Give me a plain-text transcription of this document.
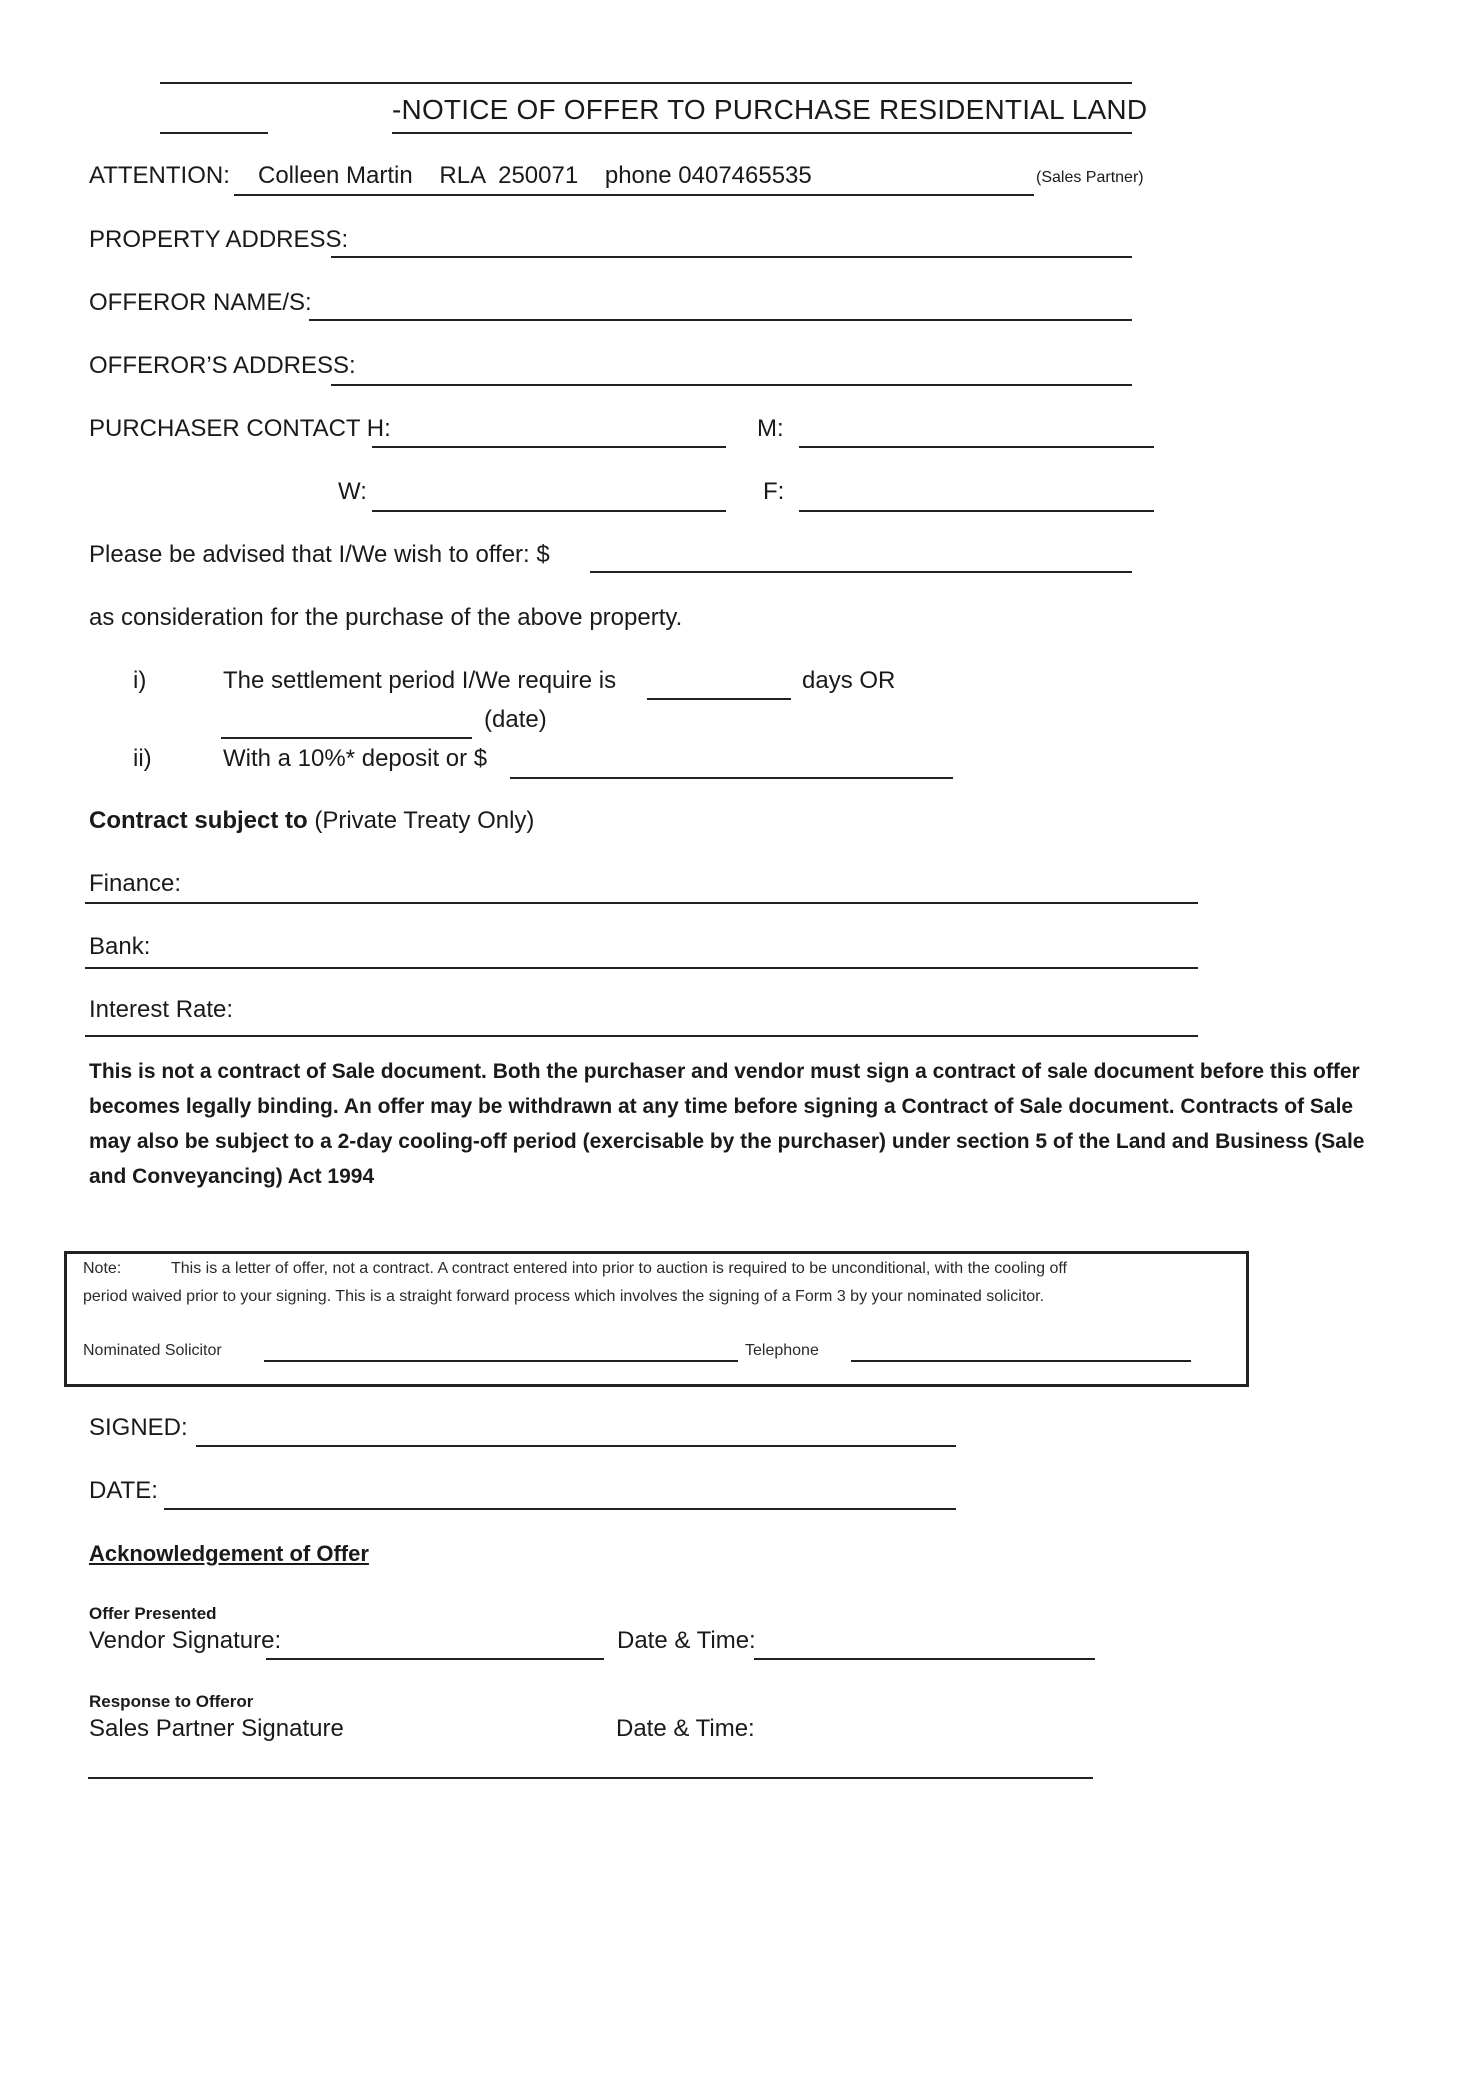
-NOTICE OF OFFER TO PURCHASE RESIDENTIAL LAND
ATTENTION: Colleen Martin    RLA  250071    phone 0407465535	(Sales Partner)
PROPERTY ADDRESS:
OFFEROR NAME/S:
OFFEROR’S ADDRESS:
PURCHASER CONTACT H:	M:
W:	F:
Please be advised that I/We wish to offer: $
as consideration for the purchase of the above property.
i)	The settlement period I/We require is	days OR
(date)
ii)	With a 10%* deposit or $
Contract subject to (Private Treaty Only)
Finance:
Bank:
Interest Rate:
This is not a contract of Sale document. Both the purchaser and vendor must sign a contract of sale document before this offer becomes legally binding. An offer may be withdrawn at any time before signing a Contract of Sale document. Contracts of Sale may also be subject to a 2-day cooling-off period (exercisable by the purchaser) under section 5 of the Land and Business (Sale and Conveyancing) Act 1994
Note:	This is a letter of offer, not a contract. A contract entered into prior to auction is required to be unconditional, with the cooling off
period waived prior to your signing. This is a straight forward process which involves the signing of a Form 3 by your nominated solicitor.
Nominated Solicitor	Telephone
SIGNED:
DATE:
Acknowledgement of Offer
Offer Presented
Vendor Signature:	Date & Time:
Response to Offeror
Sales Partner Signature	Date & Time:
